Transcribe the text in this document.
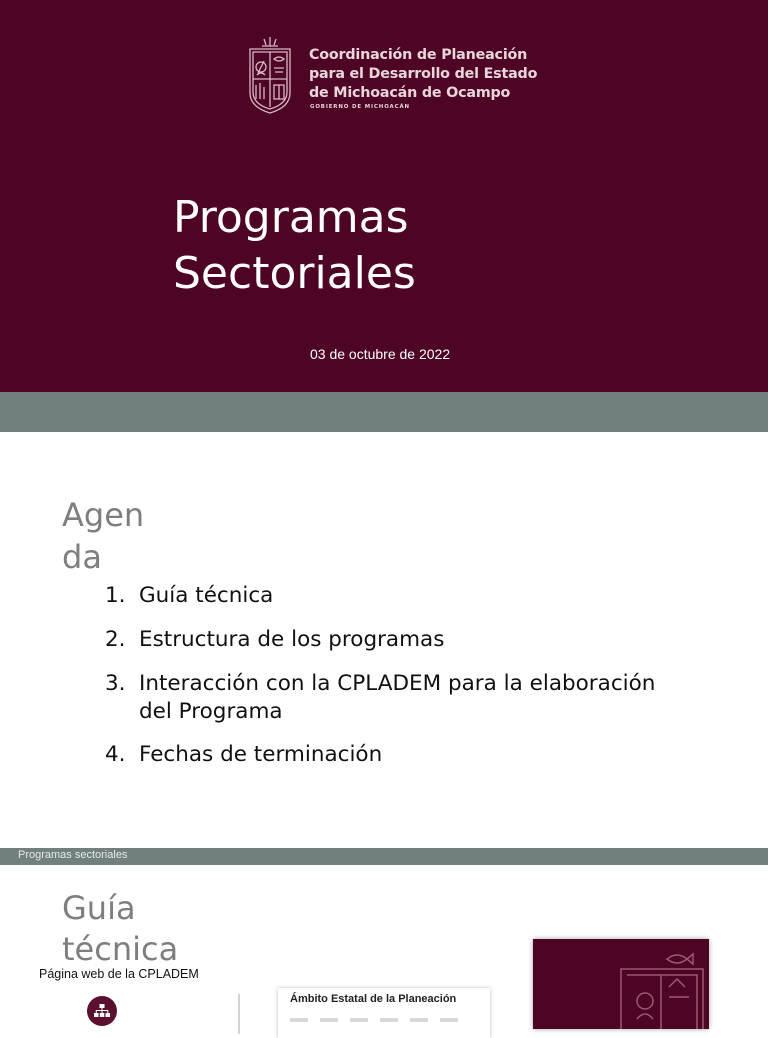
Coordinación de Planeación
para el Desarrollo del Estado
de Michoacán de Ocampo
GOBIERNO DE MICHOACÁN
Programas
Sectoriales
03 de octubre de 2022
Agen
da
1. Guía técnica
2. Estructura de los programas
3. Interacción con la CPLADEM para la elaboración
del Programa
4. Fechas de terminación
Programas sectoriales
Guía
técnica
Página web de la CPLADEM
Ámbito Estatal de la Planeación
